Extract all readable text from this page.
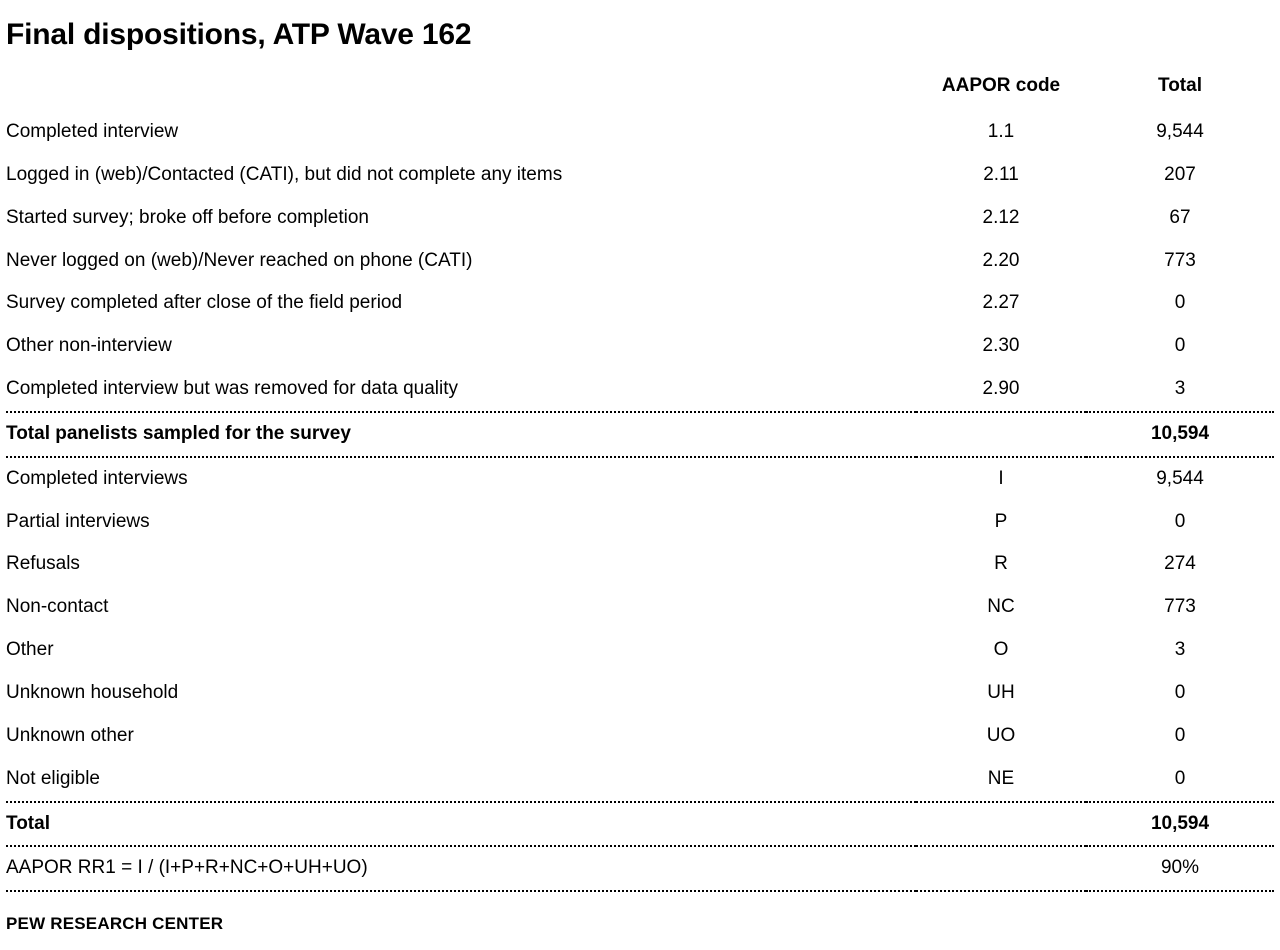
Final dispositions, ATP Wave 162
	AAPOR code	Total
Completed interview	1.1	9,544
Logged in (web)/Contacted (CATI), but did not complete any items	2.11	207
Started survey; broke off before completion	2.12	67
Never logged on (web)/Never reached on phone (CATI)	2.20	773
Survey completed after close of the field period	2.27	0
Other non-interview	2.30	0
Completed interview but was removed for data quality	2.90	3
Total panelists sampled for the survey		10,594
Completed interviews	I	9,544
Partial interviews	P	0
Refusals	R	274
Non-contact	NC	773
Other	O	3
Unknown household	UH	0
Unknown other	UO	0
Not eligible	NE	0
Total		10,594
AAPOR RR1 = I / (I+P+R+NC+O+UH+UO)		90%
PEW RESEARCH CENTER
